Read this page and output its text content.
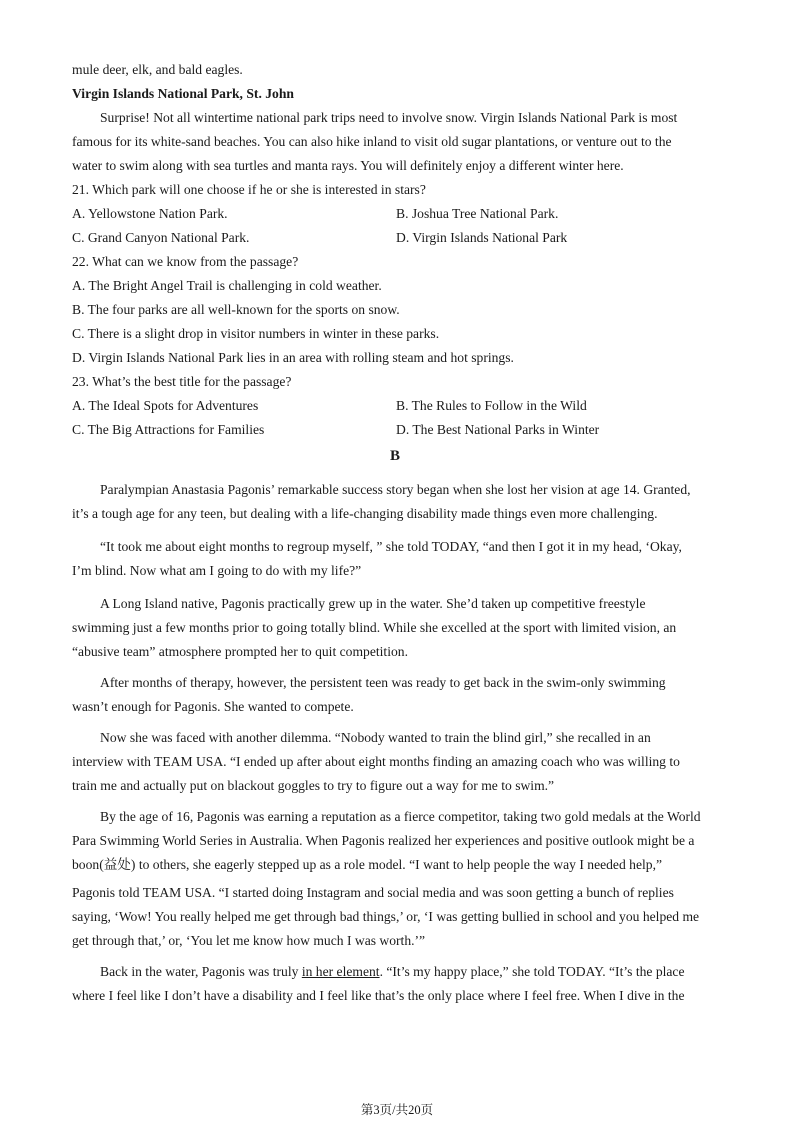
mule deer, elk, and bald eagles.
Virgin Islands National Park, St. John
Surprise! Not all wintertime national park trips need to involve snow. Virgin Islands National Park is most
famous for its white-sand beaches. You can also hike inland to visit old sugar plantations, or venture out to the
water to swim along with sea turtles and manta rays. You will definitely enjoy a different winter here.
21. Which park will one choose if he or she is interested in stars?
A. Yellowstone Nation Park.	B. Joshua Tree National Park.
C. Grand Canyon National Park.	D. Virgin Islands National Park
22. What can we know from the passage?
A. The Bright Angel Trail is challenging in cold weather.
B. The four parks are all well-known for the sports on snow.
C. There is a slight drop in visitor numbers in winter in these parks.
D. Virgin Islands National Park lies in an area with rolling steam and hot springs.
23. What’s the best title for the passage?
A. The Ideal Spots for Adventures	B. The Rules to Follow in the Wild
C. The Big Attractions for Families	D. The Best National Parks in Winter
B
Paralympian Anastasia Pagonis’ remarkable success story began when she lost her vision at age 14. Granted,
it’s a tough age for any teen, but dealing with a life-changing disability made things even more challenging.
“It took me about eight months to regroup myself, ” she told TODAY, “and then I got it in my head, ‘Okay,
I’m blind. Now what am I going to do with my life?”
A Long Island native, Pagonis practically grew up in the water. She’d taken up competitive freestyle
swimming just a few months prior to going totally blind. While she excelled at the sport with limited vision, an
“abusive team” atmosphere prompted her to quit competition.
After months of therapy, however, the persistent teen was ready to get back in the swim-only swimming
wasn’t enough for Pagonis. She wanted to compete.
Now she was faced with another dilemma. “Nobody wanted to train the blind girl,” she recalled in an
interview with TEAM USA. “I ended up after about eight months finding an amazing coach who was willing to
train me and actually put on blackout goggles to try to figure out a way for me to swim.”
By the age of 16, Pagonis was earning a reputation as a fierce competitor, taking two gold medals at the World
Para Swimming World Series in Australia. When Pagonis realized her experiences and positive outlook might be a
boon(益处) to others, she eagerly stepped up as a role model. “I want to help people the way I needed help,”
Pagonis told TEAM USA. “I started doing Instagram and social media and was soon getting a bunch of replies
saying, ‘Wow! You really helped me get through bad things,’ or, ‘I was getting bullied in school and you helped me
get through that,’ or, ‘You let me know how much I was worth.’”
Back in the water, Pagonis was truly in her element. “It’s my happy place,” she told TODAY. “It’s the place
where I feel like I don’t have a disability and I feel like that’s the only place where I feel free. When I dive in the
第3页/共20页
